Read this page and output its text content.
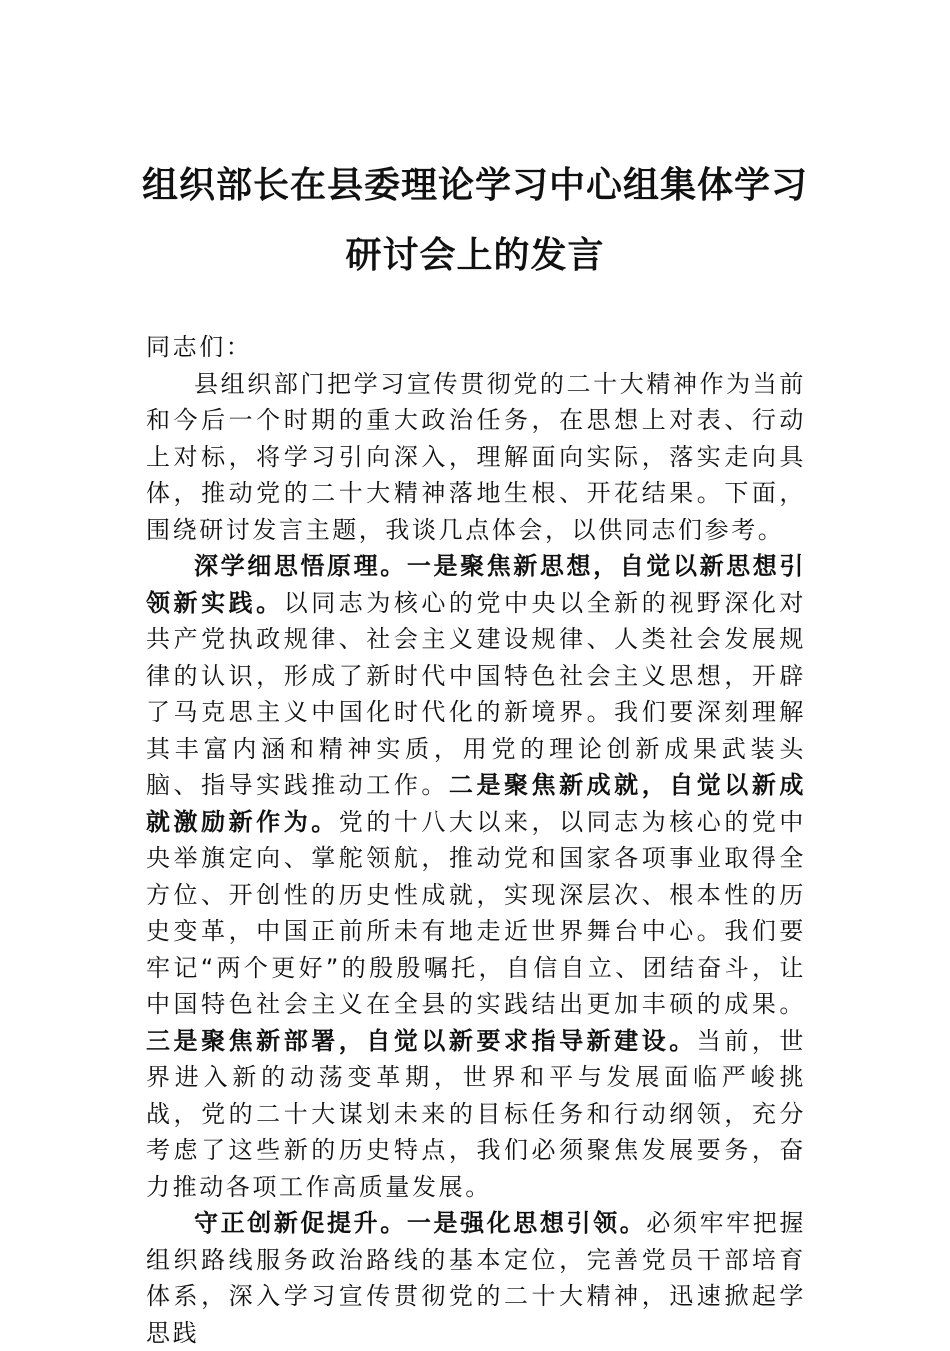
组织部长在县委理论学习中心组集体学习
研讨会上的发言

同志们：

县组织部门把学习宣传贯彻党的二十大精神作为当前和今后一个时期的重大政治任务，在思想上对表、行动上对标，将学习引向深入，理解面向实际，落实走向具体，推动党的二十大精神落地生根、开花结果。下面，围绕研讨发言主题，我谈几点体会，以供同志们参考。

深学细思悟原理。一是聚焦新思想，自觉以新思想引领新实践。以同志为核心的党中央以全新的视野深化对共产党执政规律、社会主义建设规律、人类社会发展规律的认识，形成了新时代中国特色社会主义思想，开辟了马克思主义中国化时代化的新境界。我们要深刻理解其丰富内涵和精神实质，用党的理论创新成果武装头脑、指导实践推动工作。二是聚焦新成就，自觉以新成就激励新作为。党的十八大以来，以同志为核心的党中央举旗定向、掌舵领航，推动党和国家各项事业取得全方位、开创性的历史性成就，实现深层次、根本性的历史变革，中国正前所未有地走近世界舞台中心。我们要牢记“两个更好”的殷殷嘱托，自信自立、团结奋斗，让中国特色社会主义在全县的实践结出更加丰硕的成果。三是聚焦新部署，自觉以新要求指导新建设。当前，世界进入新的动荡变革期，世界和平与发展面临严峻挑战，党的二十大谋划未来的目标任务和行动纲领，充分考虑了这些新的历史特点，我们必须聚焦发展要务，奋力推动各项工作高质量发展。

守正创新促提升。一是强化思想引领。必须牢牢把握组织路线服务政治路线的基本定位，完善党员干部培育体系，深入学习宣传贯彻党的二十大精神，迅速掀起学思践
